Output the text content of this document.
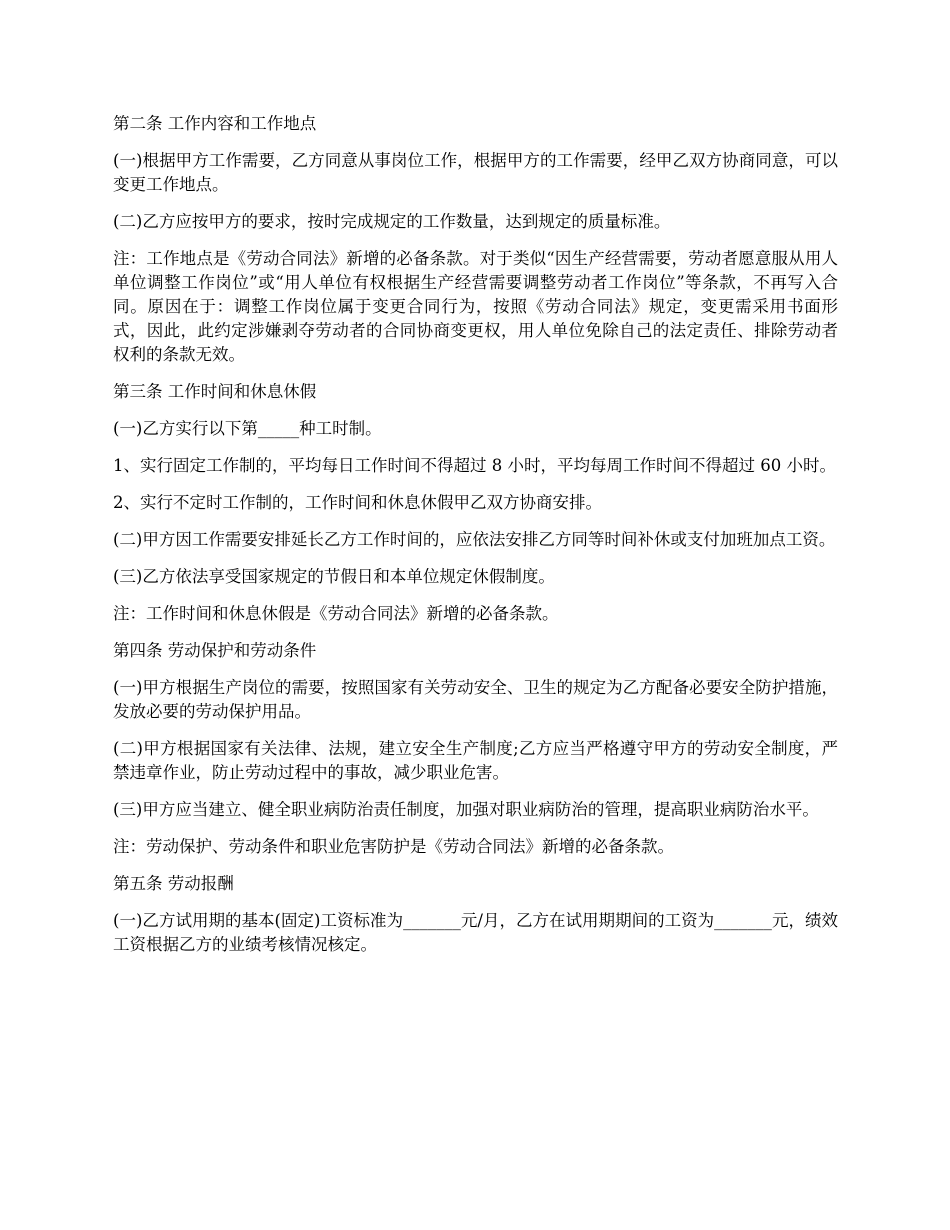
第二条 工作内容和工作地点

(一)根据甲方工作需要，乙方同意从事岗位工作，根据甲方的工作需要，经甲乙双方协商同意，可以变更工作地点。

(二)乙方应按甲方的要求，按时完成规定的工作数量，达到规定的质量标准。

注：工作地点是《劳动合同法》新增的必备条款。对于类似“因生产经营需要，劳动者愿意服从用人单位调整工作岗位”或“用人单位有权根据生产经营需要调整劳动者工作岗位”等条款，不再写入合同。原因在于：调整工作岗位属于变更合同行为，按照《劳动合同法》规定，变更需采用书面形式，因此，此约定涉嫌剥夺劳动者的合同协商变更权，用人单位免除自己的法定责任、排除劳动者权利的条款无效。

第三条 工作时间和休息休假

(一)乙方实行以下第_____种工时制。

1、实行固定工作制的，平均每日工作时间不得超过 8 小时，平均每周工作时间不得超过 60 小时。

2、实行不定时工作制的，工作时间和休息休假甲乙双方协商安排。

(二)甲方因工作需要安排延长乙方工作时间的，应依法安排乙方同等时间补休或支付加班加点工资。

(三)乙方依法享受国家规定的节假日和本单位规定休假制度。

注：工作时间和休息休假是《劳动合同法》新增的必备条款。

第四条 劳动保护和劳动条件

(一)甲方根据生产岗位的需要，按照国家有关劳动安全、卫生的规定为乙方配备必要安全防护措施，发放必要的劳动保护用品。

(二)甲方根据国家有关法律、法规，建立安全生产制度;乙方应当严格遵守甲方的劳动安全制度，严禁违章作业，防止劳动过程中的事故，减少职业危害。

(三)甲方应当建立、健全职业病防治责任制度，加强对职业病防治的管理，提高职业病防治水平。

注：劳动保护、劳动条件和职业危害防护是《劳动合同法》新增的必备条款。

第五条 劳动报酬

(一)乙方试用期的基本(固定)工资标准为_______元/月，乙方在试用期期间的工资为_______元，绩效工资根据乙方的业绩考核情况核定。
